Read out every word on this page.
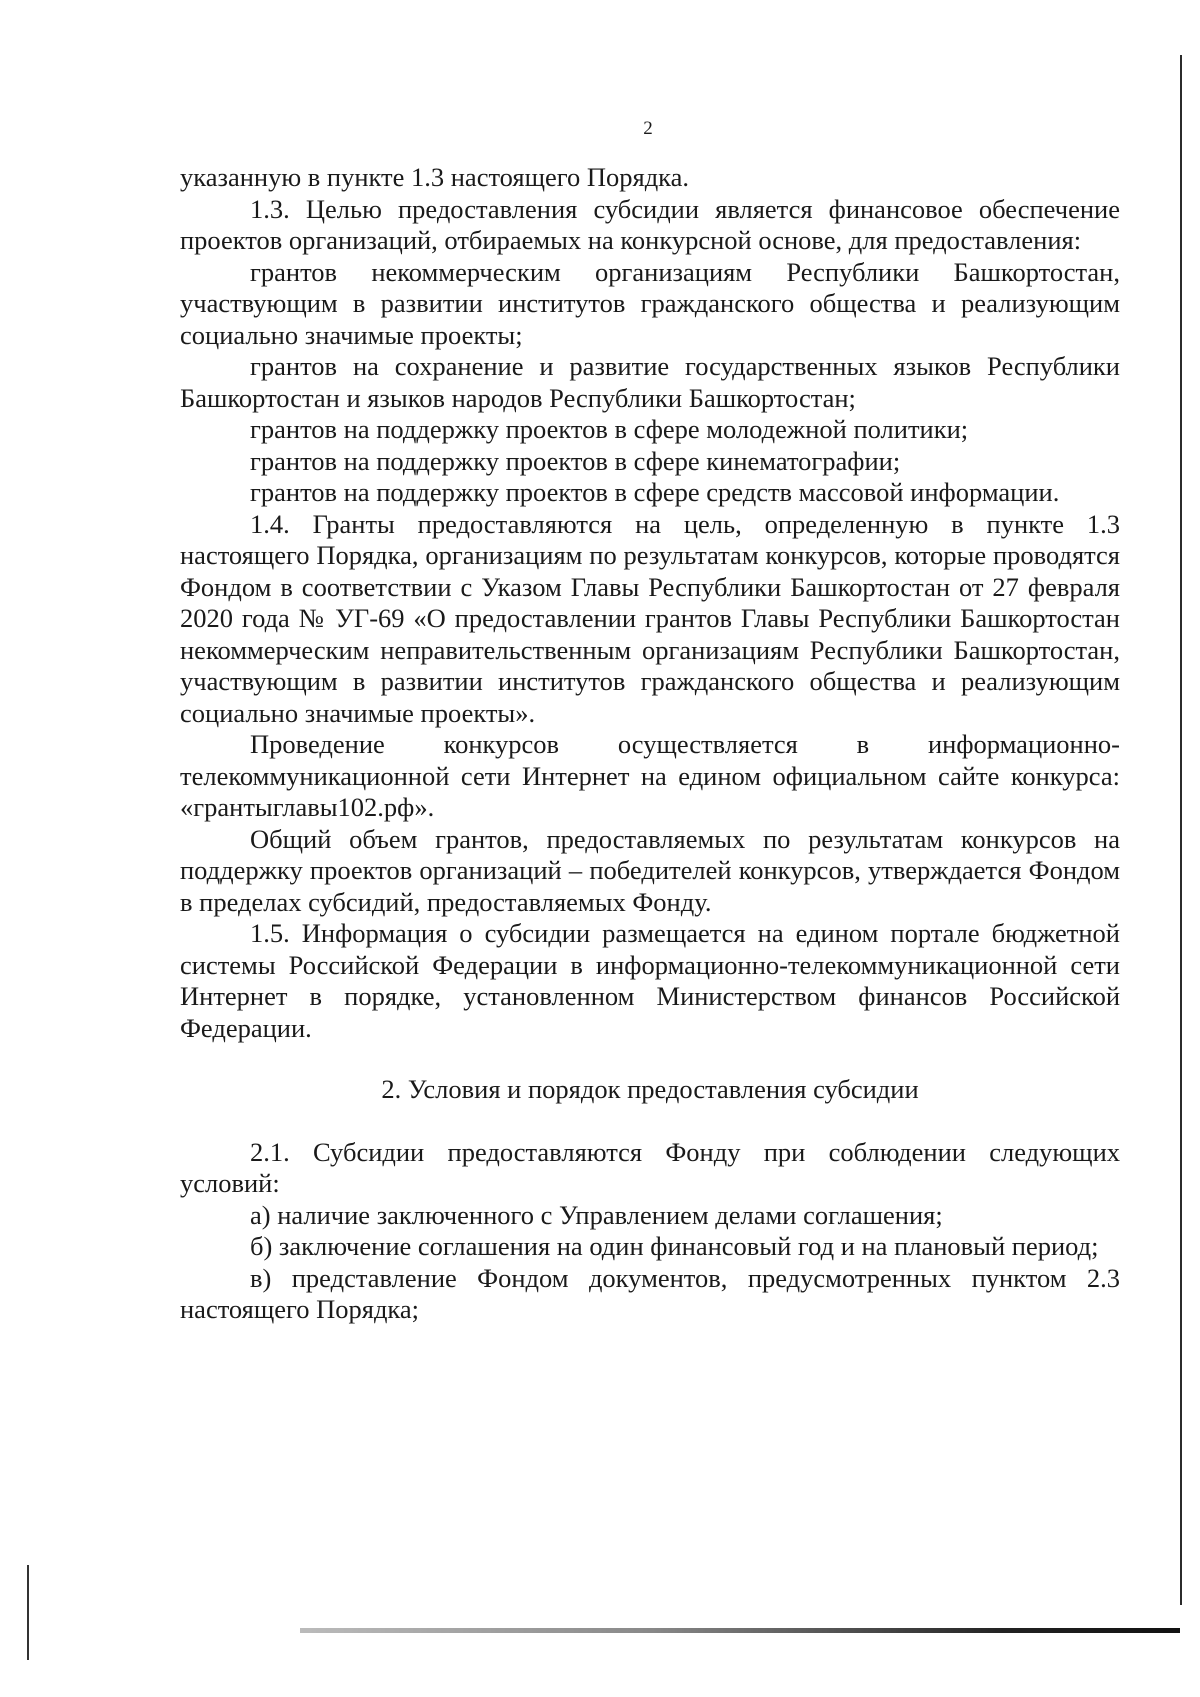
2

указанную в пункте 1.3 настоящего Порядка.

1.3. Целью предоставления субсидии является финансовое обеспечение проектов организаций, отбираемых на конкурсной основе, для предоставления:

грантов некоммерческим организациям Республики Башкортостан, участвующим в развитии институтов гражданского общества и реализующим социально значимые проекты;

грантов на сохранение и развитие государственных языков Республики Башкортостан и языков народов Республики Башкортостан;

грантов на поддержку проектов в сфере молодежной политики;

грантов на поддержку проектов в сфере кинематографии;

грантов на поддержку проектов в сфере средств массовой информации.

1.4. Гранты предоставляются на цель, определенную в пункте 1.3 настоящего Порядка, организациям по результатам конкурсов, которые проводятся Фондом в соответствии с Указом Главы Республики Башкортостан от 27 февраля 2020 года № УГ-69 «О предоставлении грантов Главы Республики Башкортостан некоммерческим неправительственным организациям Республики Башкортостан, участвующим в развитии институтов гражданского общества и реализующим социально значимые проекты».

Проведение конкурсов осуществляется в информационно-телекоммуникационной сети Интернет на едином официальном сайте конкурса: «грантыглавы102.рф».

Общий объем грантов, предоставляемых по результатам конкурсов на поддержку проектов организаций – победителей конкурсов, утверждается Фондом в пределах субсидий, предоставляемых Фонду.

1.5. Информация о субсидии размещается на едином портале бюджетной системы Российской Федерации в информационно-телекоммуникационной сети Интернет в порядке, установленном Министерством финансов Российской Федерации.

2. Условия и порядок предоставления субсидии

2.1. Субсидии предоставляются Фонду при соблюдении следующих условий:

а) наличие заключенного с Управлением делами соглашения;

б) заключение соглашения на один финансовый год и на плановый период;

в) представление Фондом документов, предусмотренных пунктом 2.3 настоящего Порядка;
